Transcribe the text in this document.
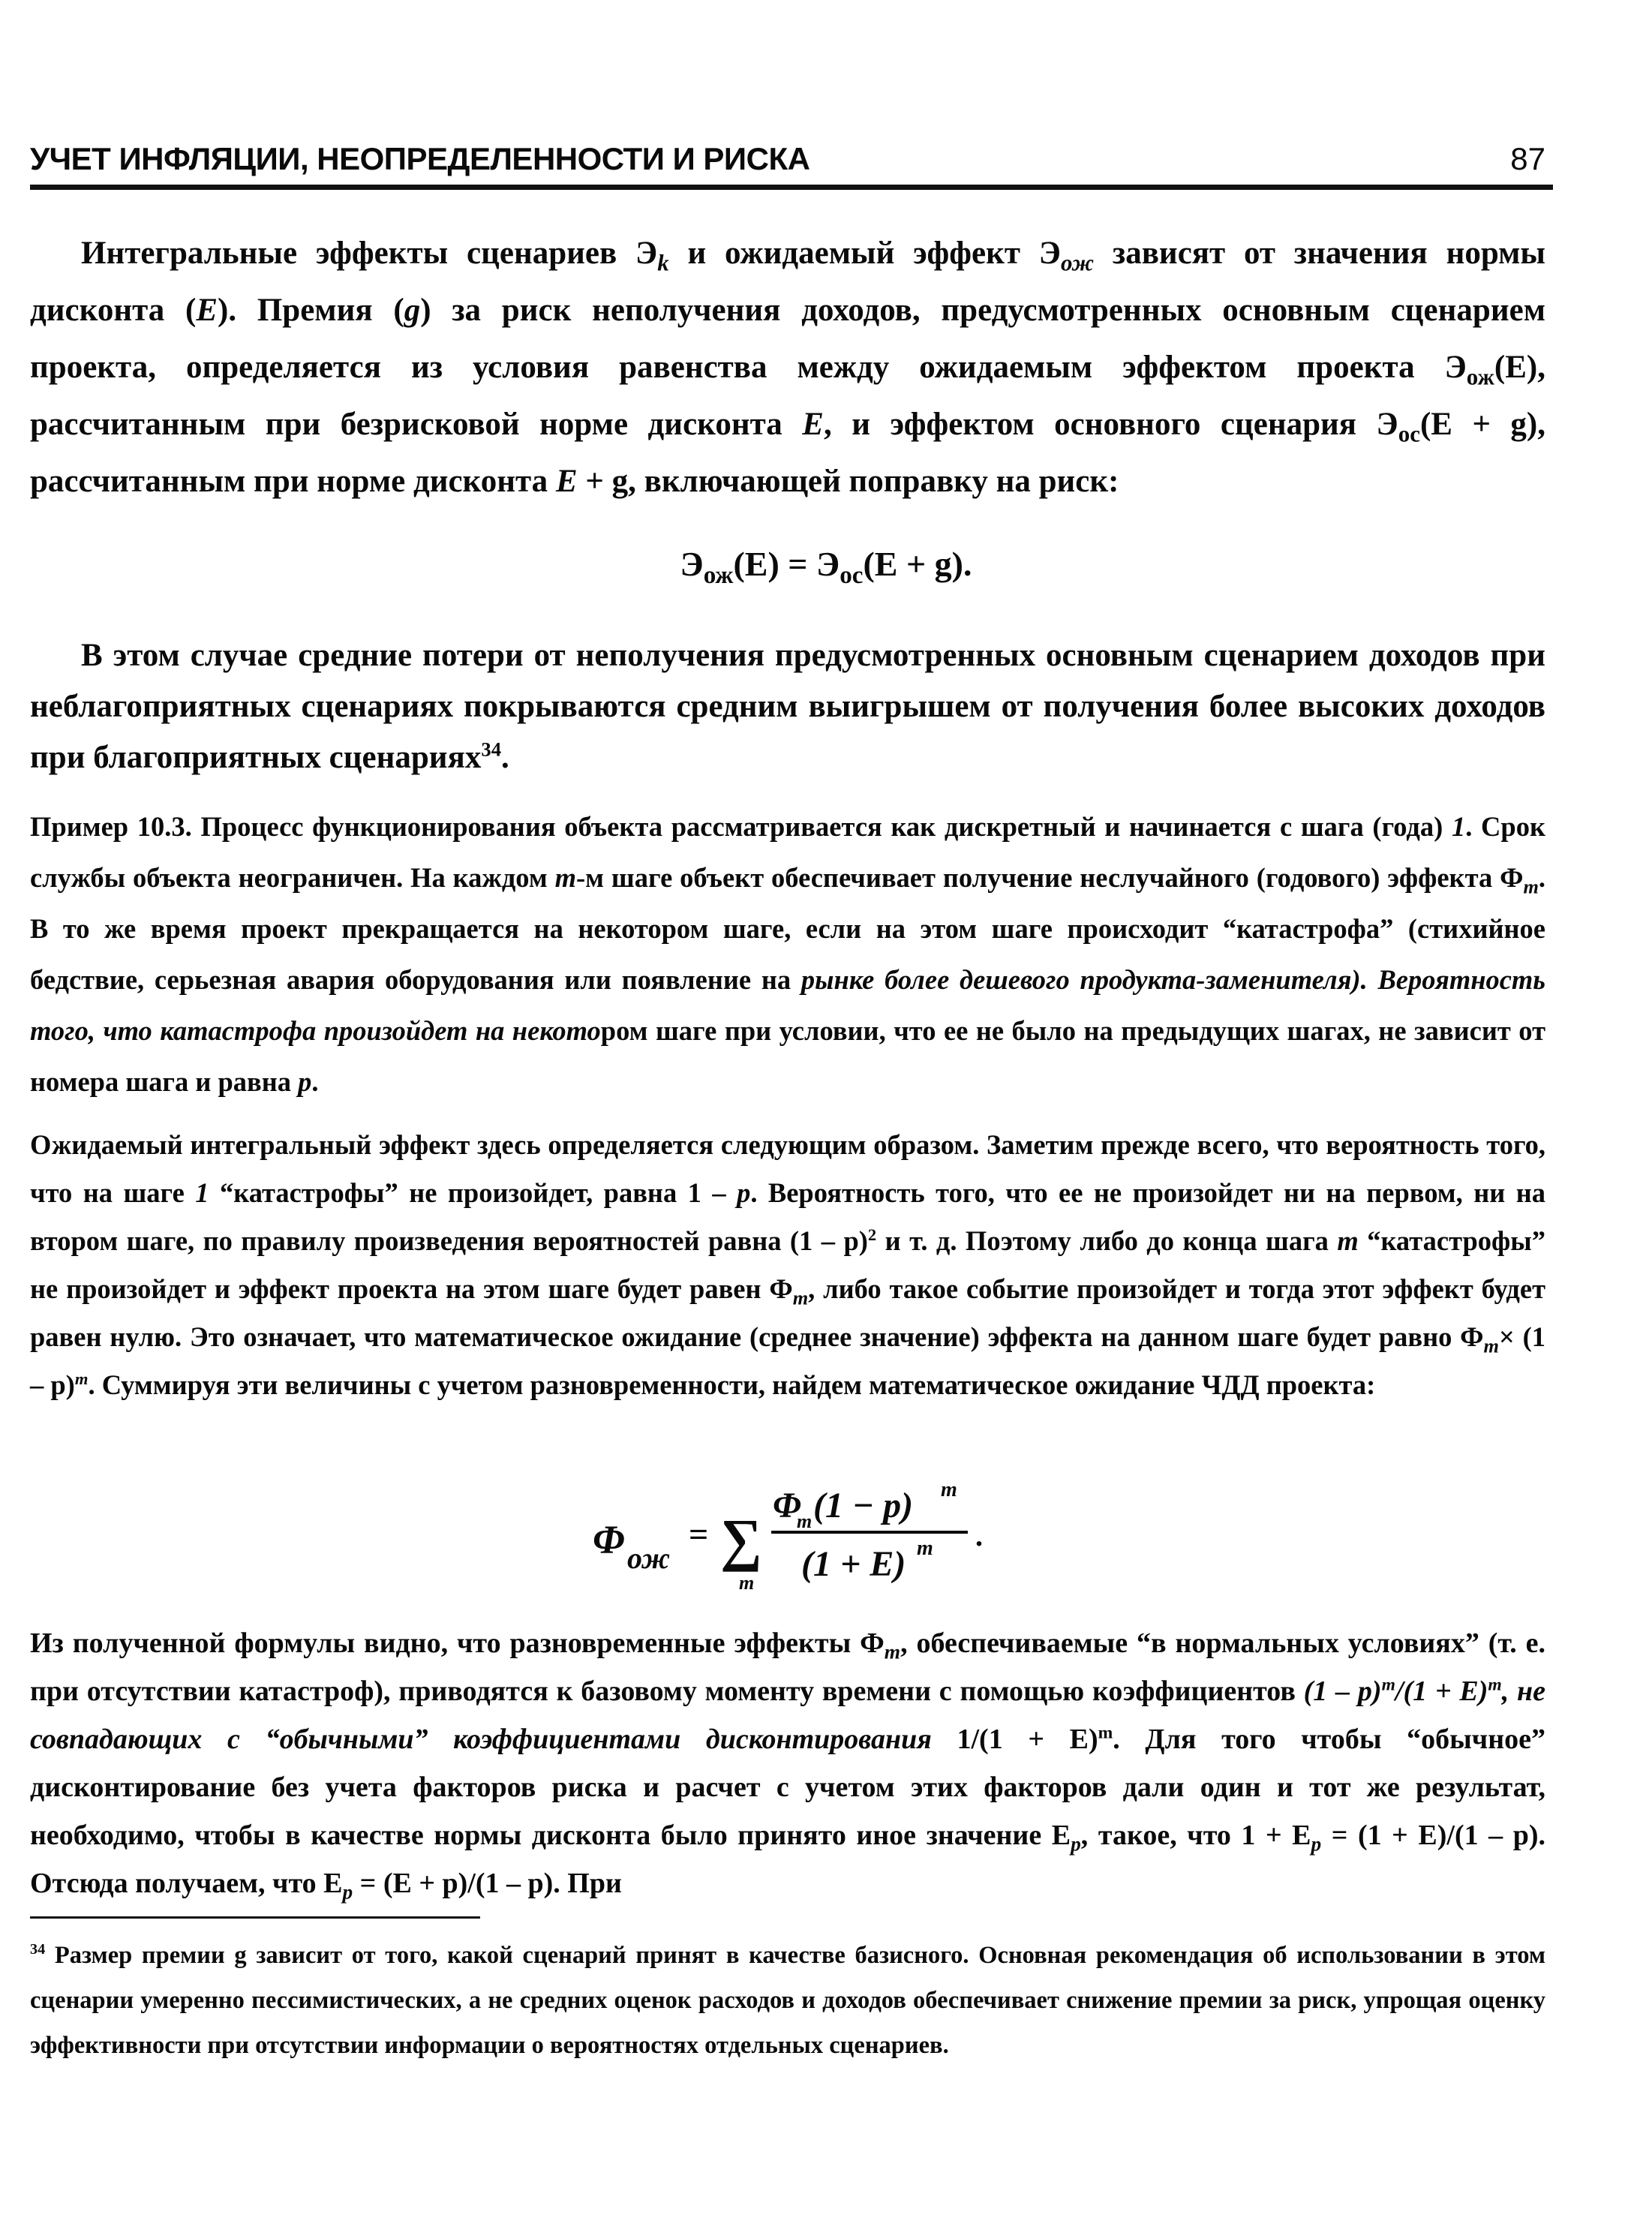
УЧЕТ ИНФЛЯЦИИ, НЕОПРЕДЕЛЕННОСТИ И РИСКА	87
Интегральные эффекты сценариев $Э_k$ и ожидаемый эффект $Э_{ож}$ зависят от значения нормы дисконта (E). Премия (g) за риск неполучения доходов, предусмотренных основным сценарием проекта, определяется из условия равенства между ожидаемым эффектом проекта $Э_{ож}(E)$, рассчитанным при безрисковой норме дисконта E, и эффектом основного сценария $Э_{ос}(E + g)$, рассчитанным при норме дисконта E + g, включающей поправку на риск:
$Э_{ож}(E) = Э_{ос}(E + g)$.
В этом случае средние потери от неполучения предусмотренных основным сценарием доходов при неблагоприятных сценариях покрываются средним выигрышем от получения более высоких доходов при благоприятных сценариях$^{34}$.
Пример 10.3. Процесс функционирования объекта рассматривается как дискретный и начинается с шага (года) 1. Срок службы объекта неограничен. На каждом m-м шаге объект обеспечивает получение неслучайного (годового) эффекта $Ф_m$. В то же время проект прекращается на некотором шаге, если на этом шаге происходит “катастрофа” (стихийное бедствие, серьезная авария оборудования или появление на рынке более дешевого продукта-заменителя). Вероятность того, что катастрофа произойдет на некотором шаге при условии, что ее не было на предыдущих шагах, не зависит от номера шага и равна p.
Ожидаемый интегральный эффект здесь определяется следующим образом. Заметим прежде всего, что вероятность того, что на шаге 1 “катастрофы” не произойдет, равна 1 – p. Вероятность того, что ее не произойдет ни на первом, ни на втором шаге, по правилу произведения вероятностей равна (1 – p)$^2$ и т. д. Поэтому либо до конца шага m “катастрофы” не произойдет и эффект проекта на этом шаге будет равен $Ф_m$, либо такое событие произойдет и тогда этот эффект будет равен нулю. Это означает, что математическое ожидание (среднее значение) эффекта на данном шаге будет равно $Ф_m\times (1 - p)^m$. Суммируя эти величины с учетом разновременности, найдем математическое ожидание ЧДД проекта:
Φ ож
= ∑
m
Φ
m (1 − p) m
(1 + E) m .
Из полученной формулы видно, что разновременные эффекты $Ф_m$, обеспечиваемые “в нормальных условиях” (т. е. при отсутствии катастроф), приводятся к базовому моменту времени с помощью коэффициентов $(1 - p)^m/(1 + E)^m$, не совпадающих с “обычными” коэффициентами дисконтирования $1/(1 + E)^m$. Для того чтобы “обычное” дисконтирование без учета факторов риска и расчет с учетом этих факторов дали один и тот же результат, необходимо, чтобы в качестве нормы дисконта было принято иное значение $E_p$, такое, что $1 + E_p = (1 + E)/(1 - p)$. Отсюда получаем, что $E_p = (E + p)/(1 - p)$. При
$^{34}$ Размер премии g зависит от того, какой сценарий принят в качестве базисного. Основная рекомендация об использовании в этом сценарии умеренно пессимистических, а не средних оценок расходов и доходов обеспечивает снижение премии за риск, упрощая оценку эффективности при отсутствии информации о вероятностях отдельных сценариев.
